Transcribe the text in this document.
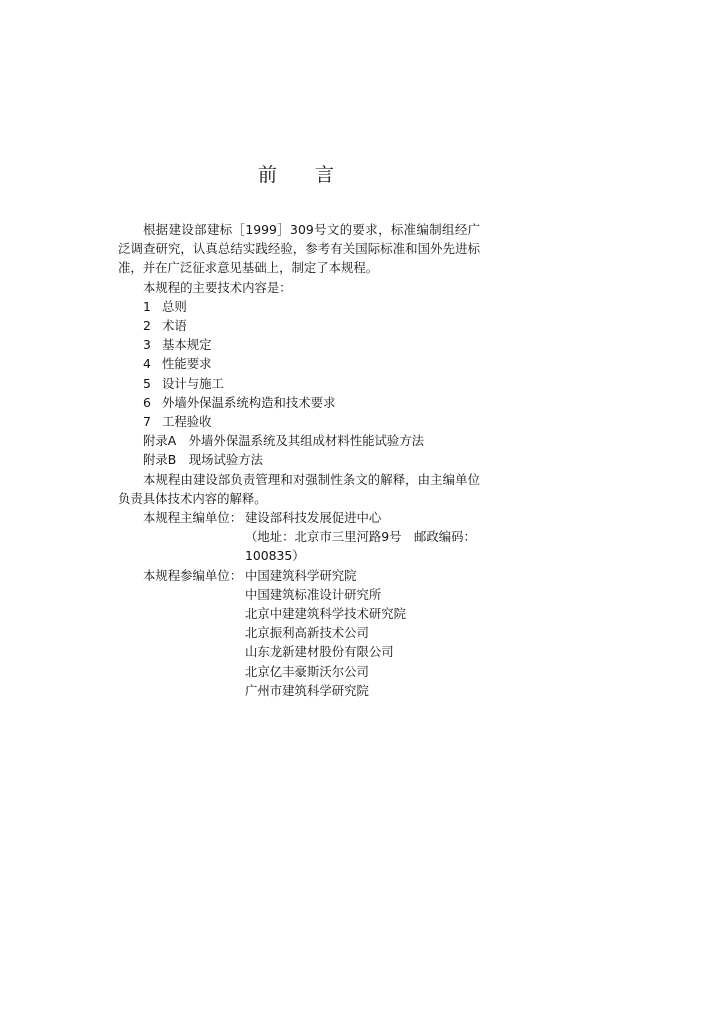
前　　言

根据建设部建标［1999］309号文的要求，标准编制组经广泛调查研究，认真总结实践经验，参考有关国际标准和国外先进标准，并在广泛征求意见基础上，制定了本规程。

本规程的主要技术内容是：

1 总则

2 术语

3 基本规定

4 性能要求

5 设计与施工

6 外墙外保温系统构造和技术要求

7 工程验收

附录A　 外墙外保温系统及其组成材料性能试验方法

附录B　 现场试验方法

本规程由建设部负责管理和对强制性条文的解释，由主编单位负责具体技术内容的解释。

本规程主编单位： 建设部科技发展促进中心

（地址：北京市三里河路9号　邮政编码：

100835）

本规程参编单位： 中国建筑科学研究院

中国建筑标准设计研究所

北京中建建筑科学技术研究院

北京振利高新技术公司

山东龙新建材股份有限公司

北京亿丰豪斯沃尔公司

广州市建筑科学研究院
